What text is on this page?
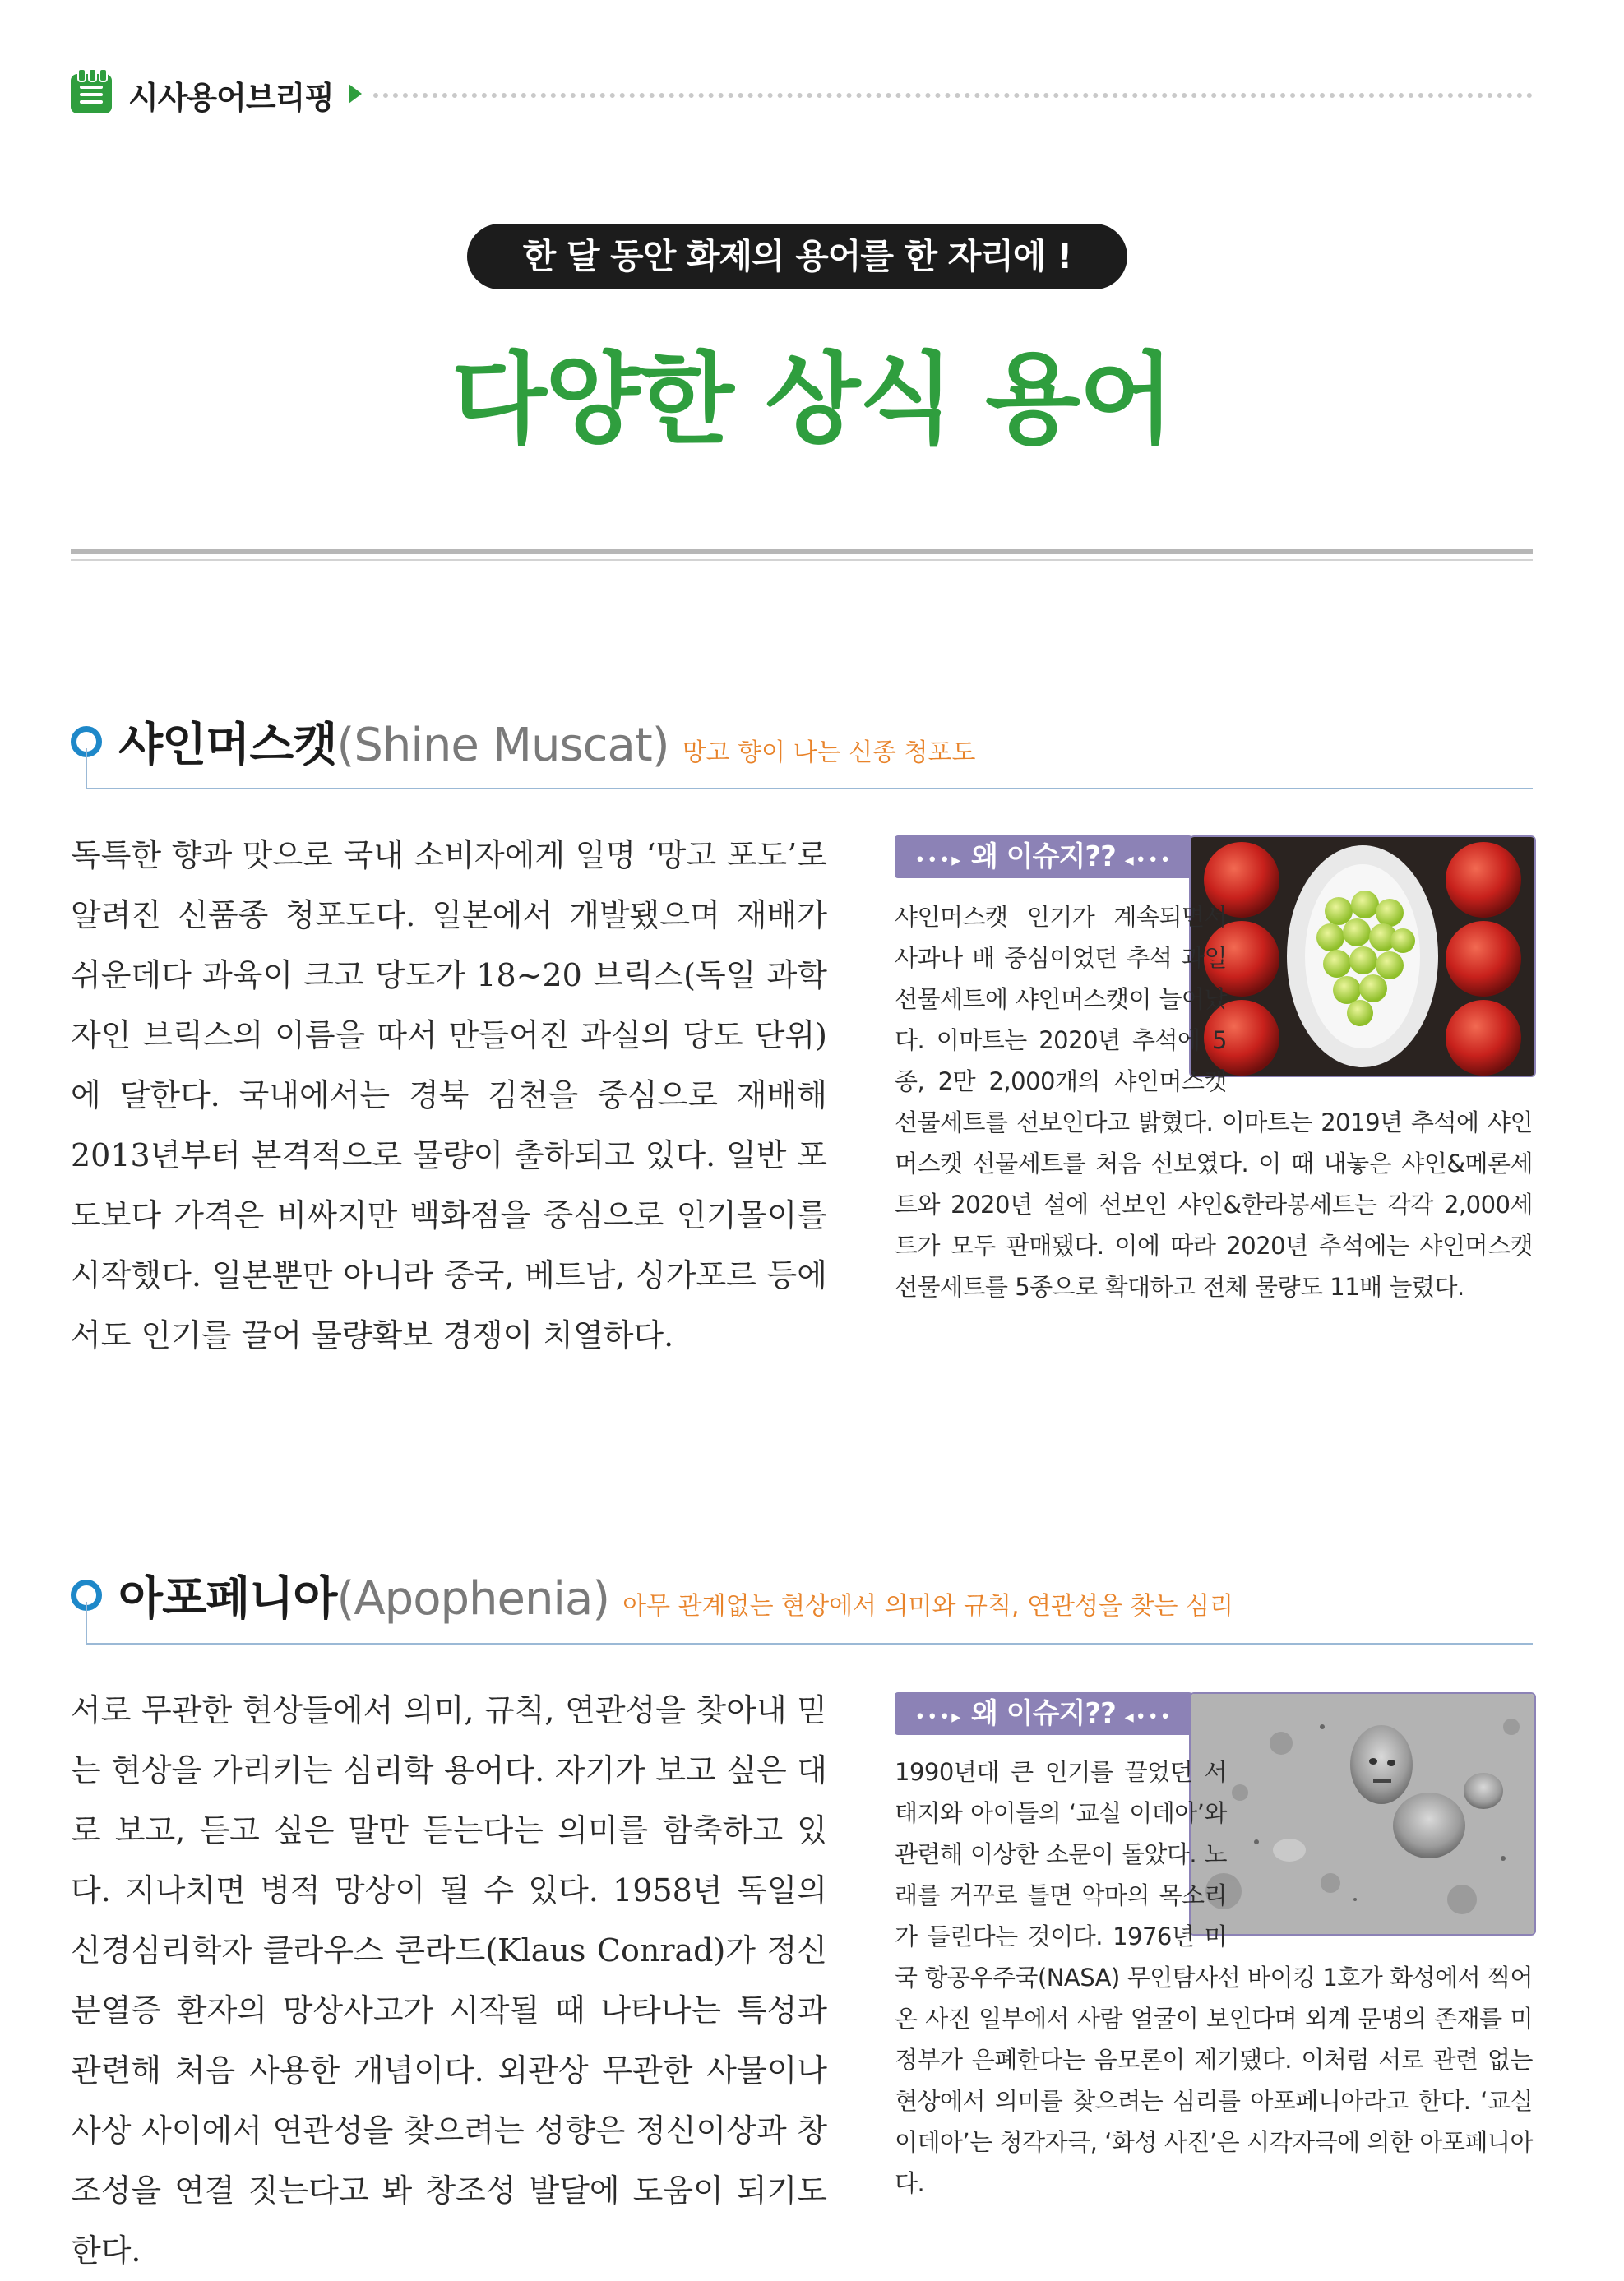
시사용어브리핑
한 달 동안 화제의 용어를 한 자리에 !
다양한 상식 용어
샤인머스캣(Shine Muscat) 망고 향이 나는 신종 청포도
독특한 향과 맛으로 국내 소비자에게 일명 ‘망고 포도’로 알려진 신품종 청포도다. 일본에서 개발됐으며 재배가 쉬운데다 과육이 크고 당도가 18~20 브릭스(독일 과학자인 브릭스의 이름을 따서 만들어진 과실의 당도 단위)에 달한다. 국내에서는 경북 김천을 중심으로 재배해 2013년부터 본격적으로 물량이 출하되고 있다. 일반 포도보다 가격은 비싸지만 백화점을 중심으로 인기몰이를 시작했다. 일본뿐만 아니라 중국, 베트남, 싱가포르 등에서도 인기를 끌어 물량확보 경쟁이 치열하다.
•••▸ 왜 이슈지?? ◂•••
샤인머스캣 인기가 계속되면서 사과나 배 중심이었던 추석 과일 선물세트에 샤인머스캣이 늘어났다. 이마트는 2020년 추석에 5종, 2만 2,000개의 샤인머스캣 선물세트를 선보인다고 밝혔다. 이마트는 2019년 추석에 샤인머스캣 선물세트를 처음 선보였다. 이 때 내놓은 샤인&메론세트와 2020년 설에 선보인 샤인&한라봉세트는 각각 2,000세트가 모두 판매됐다. 이에 따라 2020년 추석에는 샤인머스캣 선물세트를 5종으로 확대하고 전체 물량도 11배 늘렸다.
아포페니아(Apophenia) 아무 관계없는 현상에서 의미와 규칙, 연관성을 찾는 심리
서로 무관한 현상들에서 의미, 규칙, 연관성을 찾아내 믿는 현상을 가리키는 심리학 용어다. 자기가 보고 싶은 대로 보고, 듣고 싶은 말만 듣는다는 의미를 함축하고 있다. 지나치면 병적 망상이 될 수 있다. 1958년 독일의 신경심리학자 클라우스 콘라드(Klaus Conrad)가 정신분열증 환자의 망상사고가 시작될 때 나타나는 특성과 관련해 처음 사용한 개념이다. 외관상 무관한 사물이나 사상 사이에서 연관성을 찾으려는 성향은 정신이상과 창조성을 연결 짓는다고 봐 창조성 발달에 도움이 되기도 한다.
•••▸ 왜 이슈지?? ◂•••
1990년대 큰 인기를 끌었던 서태지와 아이들의 ‘교실 이데아’와 관련해 이상한 소문이 돌았다. 노래를 거꾸로 틀면 악마의 목소리가 들린다는 것이다. 1976년 미국 항공우주국(NASA) 무인탐사선 바이킹 1호가 화성에서 찍어온 사진 일부에서 사람 얼굴이 보인다며 외계 문명의 존재를 미 정부가 은폐한다는 음모론이 제기됐다. 이처럼 서로 관련 없는 현상에서 의미를 찾으려는 심리를 아포페니아라고 한다. ‘교실 이데아’는 청각자극, ‘화성 사진’은 시각자극에 의한 아포페니아다.
